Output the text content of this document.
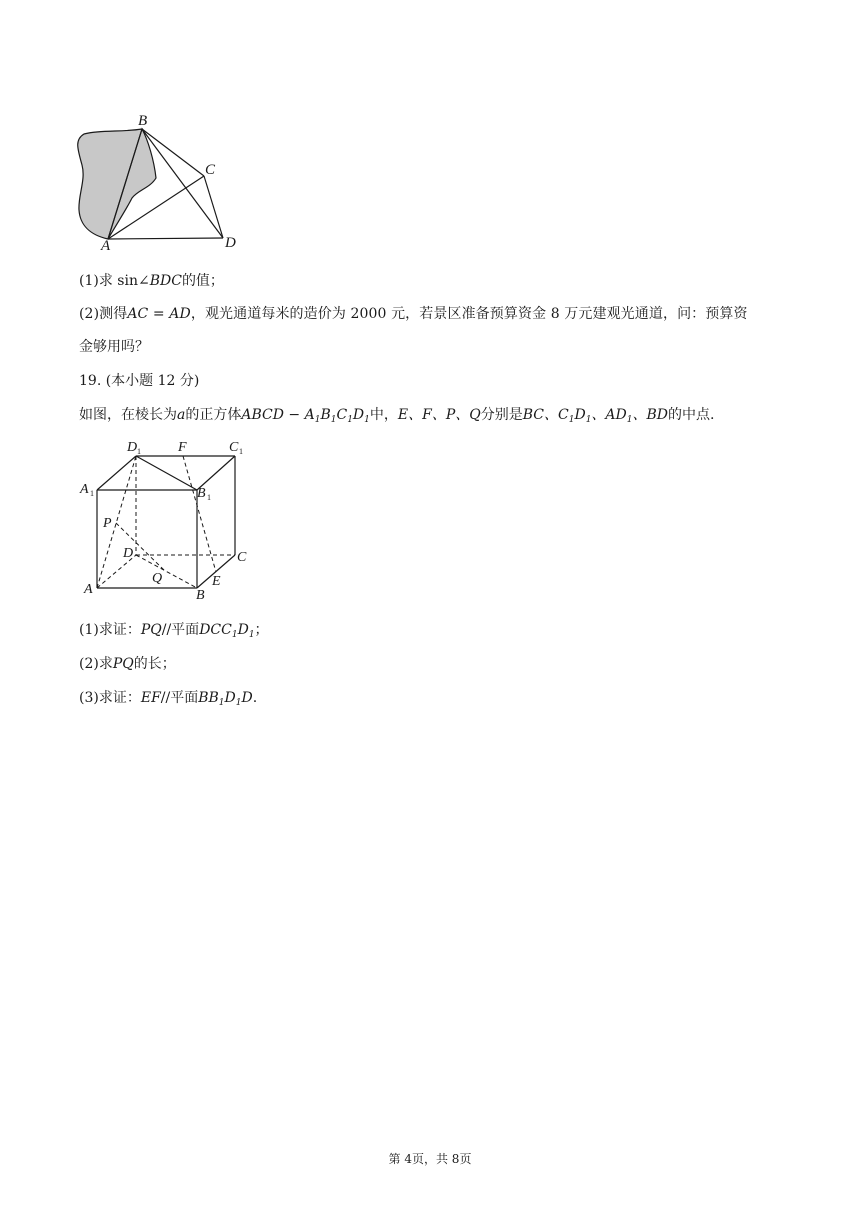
B
C
A	D
(1)求 sin∠BDC的值；
(2)测得AC = AD，观光通道每米的造价为 2000 元，若景区准备预算资金 8 万元建观光通道，问：预算资
金够用吗？
19. (本小题 12 分)
如图，在棱长为a的正方体ABCD − $A_1B_1C_1D_1$中，E、F、P、Q分别是BC、$C_1D_1$、$AD_1$、BD的中点.
D 1	F	C 1
A 1	B 1
P
D	C
Q	E
A	B
(1)求证：PQ//平面$DCC_1D_1$；
(2)求PQ的长；
(3)求证：EF//平面$BB_1D_1D$.
第 4页，共 8页
